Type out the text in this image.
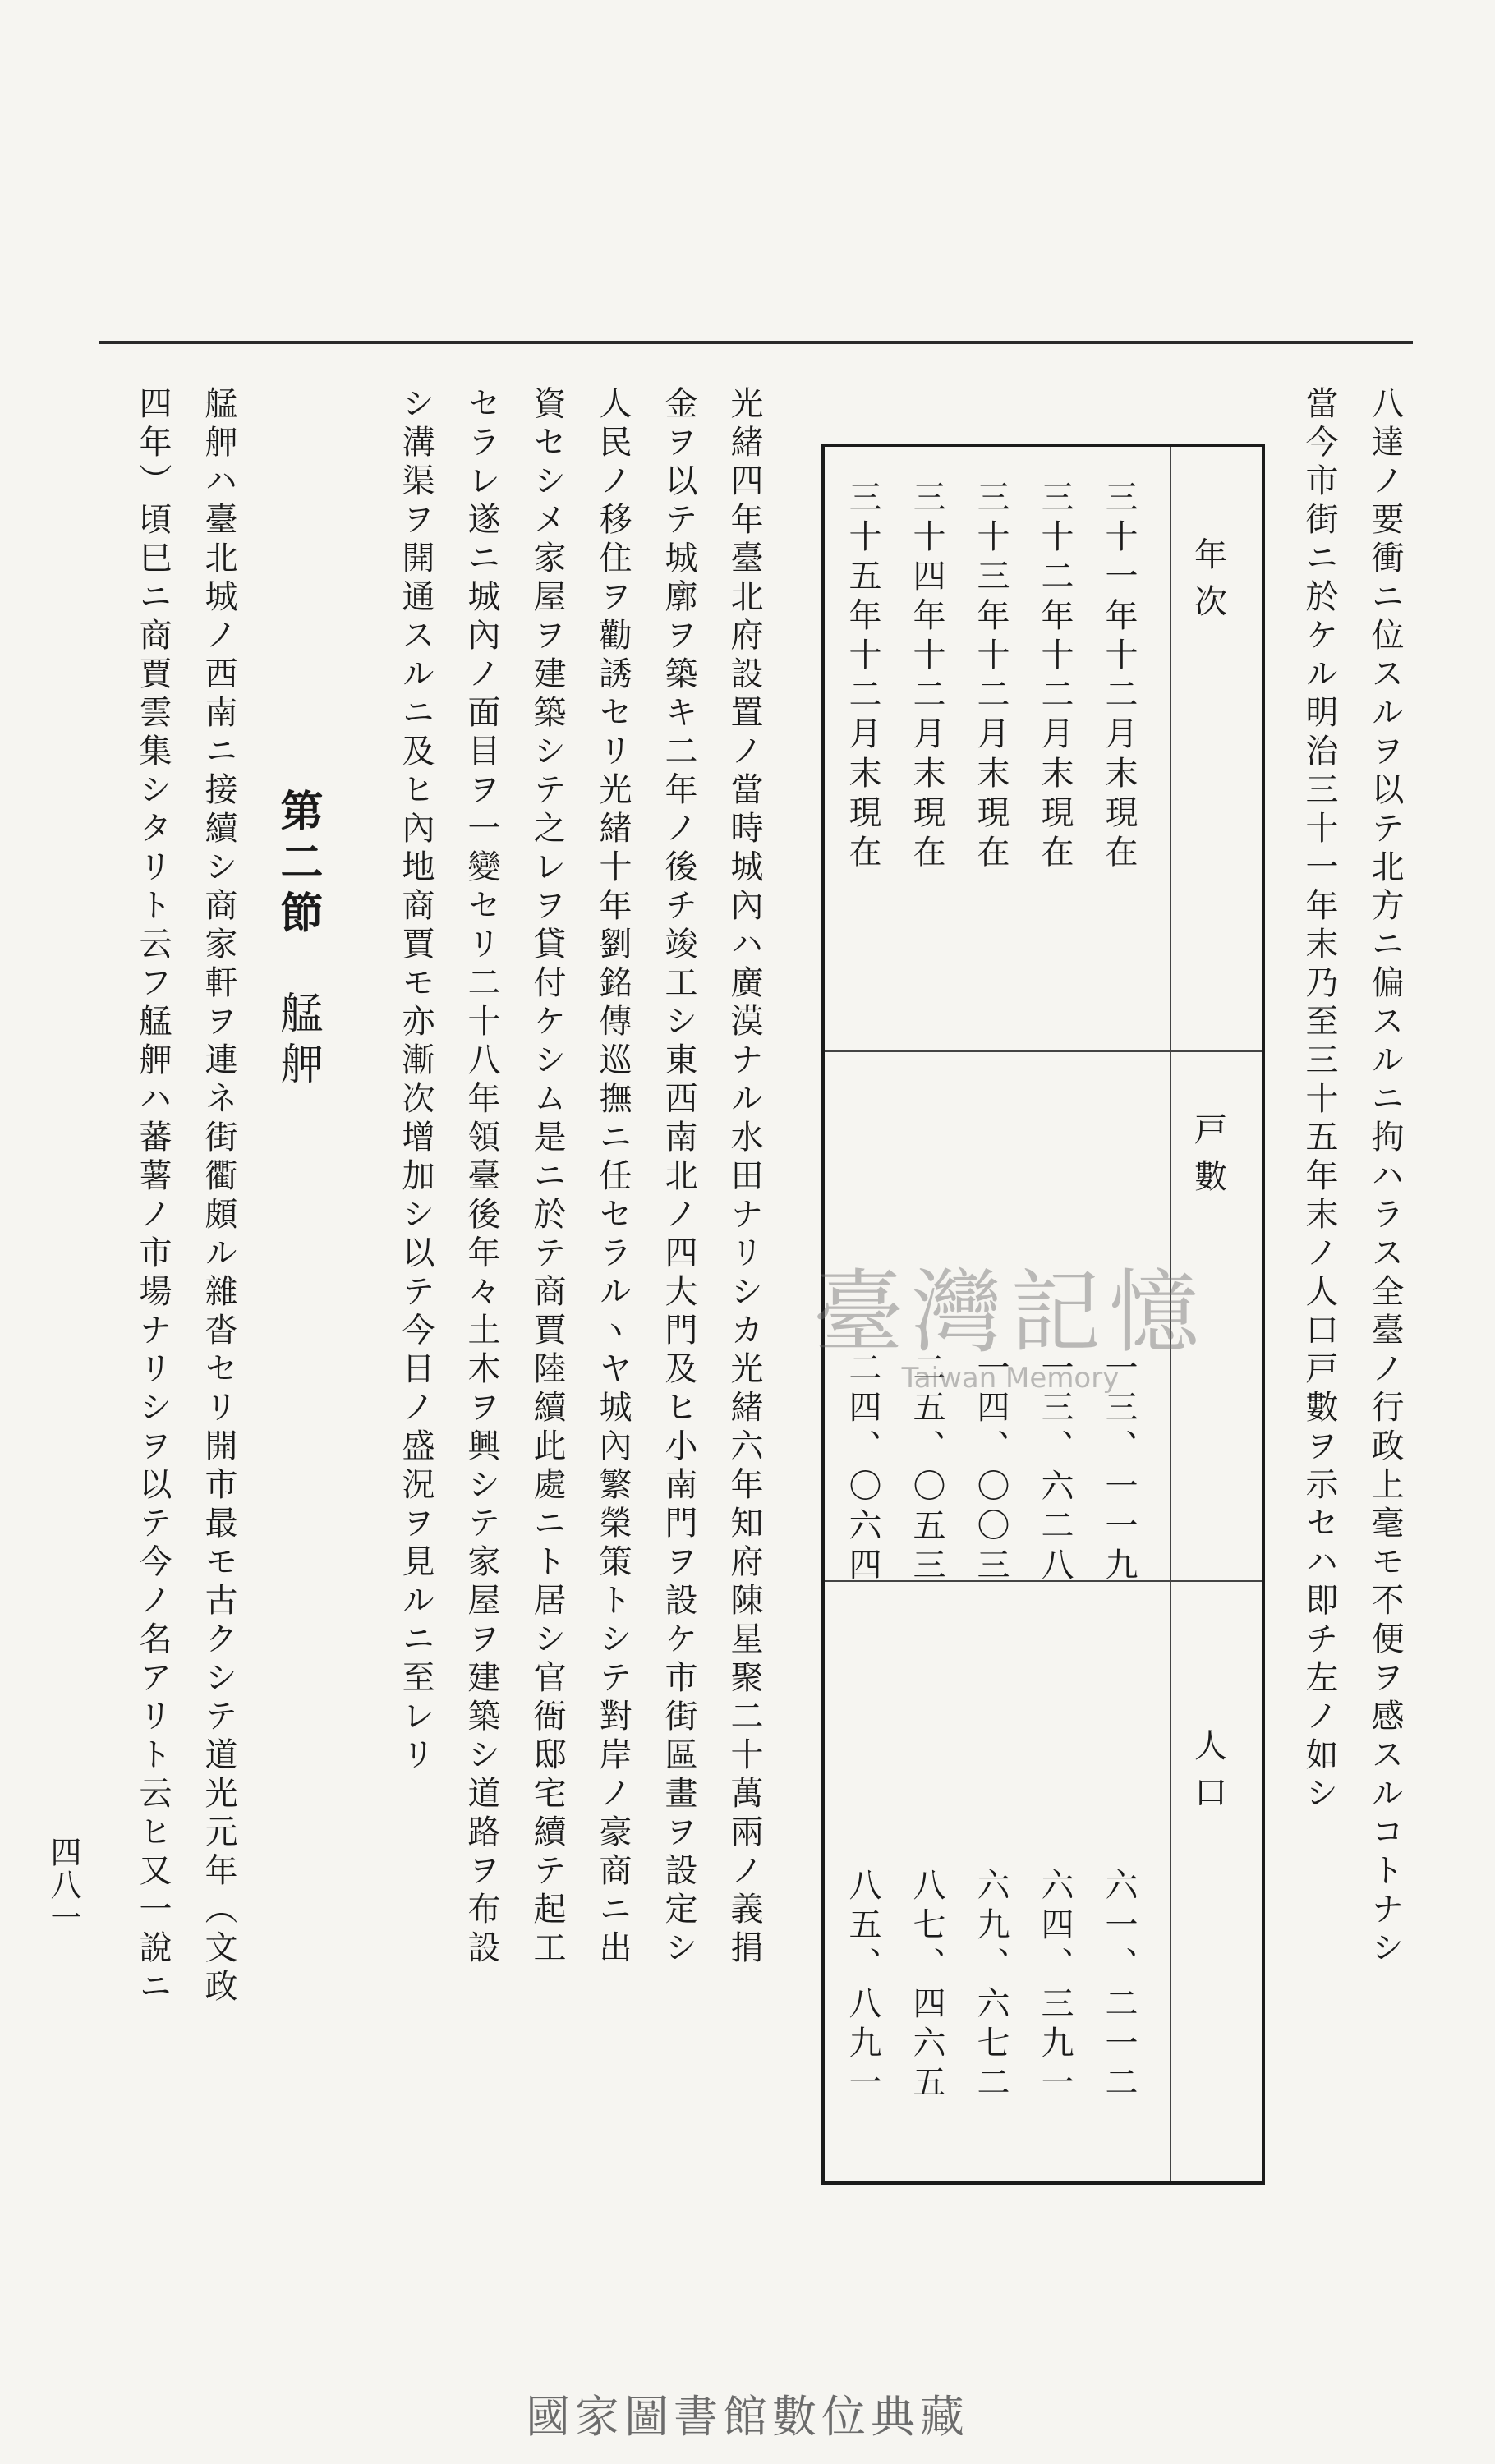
八達ノ要衝ニ位スルヲ以テ北方ニ偏スルニ拘ハラス全臺ノ行政上毫モ不便ヲ感スルコトナシ
當今市街ニ於ケル明治三十一年末乃至三十五年末ノ人口戸數ヲ示セハ即チ左ノ如シ
年 次
戸 數
人 口
三十一年十二月末現在
三十二年十二月末現在
三十三年十二月末現在
三十四年十二月末現在
三十五年十二月末現在
一三、一一九
一三、六二八
一四、〇〇三
二五、〇五三
二四、〇六四
六一、二一二
六四、三九一
六九、六七二
八七、四六五
八五、八九一
光緒四年臺北府設置ノ當時城內ハ廣漠ナル水田ナリシカ光緒六年知府陳星聚二十萬兩ノ義捐
金ヲ以テ城廓ヲ築キ二年ノ後チ竣工シ東西南北ノ四大門及ヒ小南門ヲ設ケ市街區畫ヲ設定シ
人民ノ移住ヲ勸誘セリ光緒十年劉銘傳巡撫ニ任セラルヽヤ城內繁榮策トシテ對岸ノ豪商ニ出
資セシメ家屋ヲ建築シテ之レヲ貸付ケシム是ニ於テ商賈陸續此處ニト居シ官衙邸宅續テ起工
セラレ遂ニ城內ノ面目ヲ一變セリ二十八年領臺後年々土木ヲ興シテ家屋ヲ建築シ道路ヲ布設
シ溝渠ヲ開通スルニ及ヒ內地商賈モ亦漸次增加シ以テ今日ノ盛況ヲ見ルニ至レリ
第二節艋舺
艋舺ハ臺北城ノ西南ニ接續シ商家軒ヲ連ネ街衢頗ル雜沓セリ開市最モ古クシテ道光元年（文政
四年）頃巳ニ商賈雲集シタリト云フ艋舺ハ蕃薯ノ市場ナリシヲ以テ今ノ名アリト云ヒ又一說ニ
四八一
臺灣記憶
Taiwan Memory
國家圖書館數位典藏
